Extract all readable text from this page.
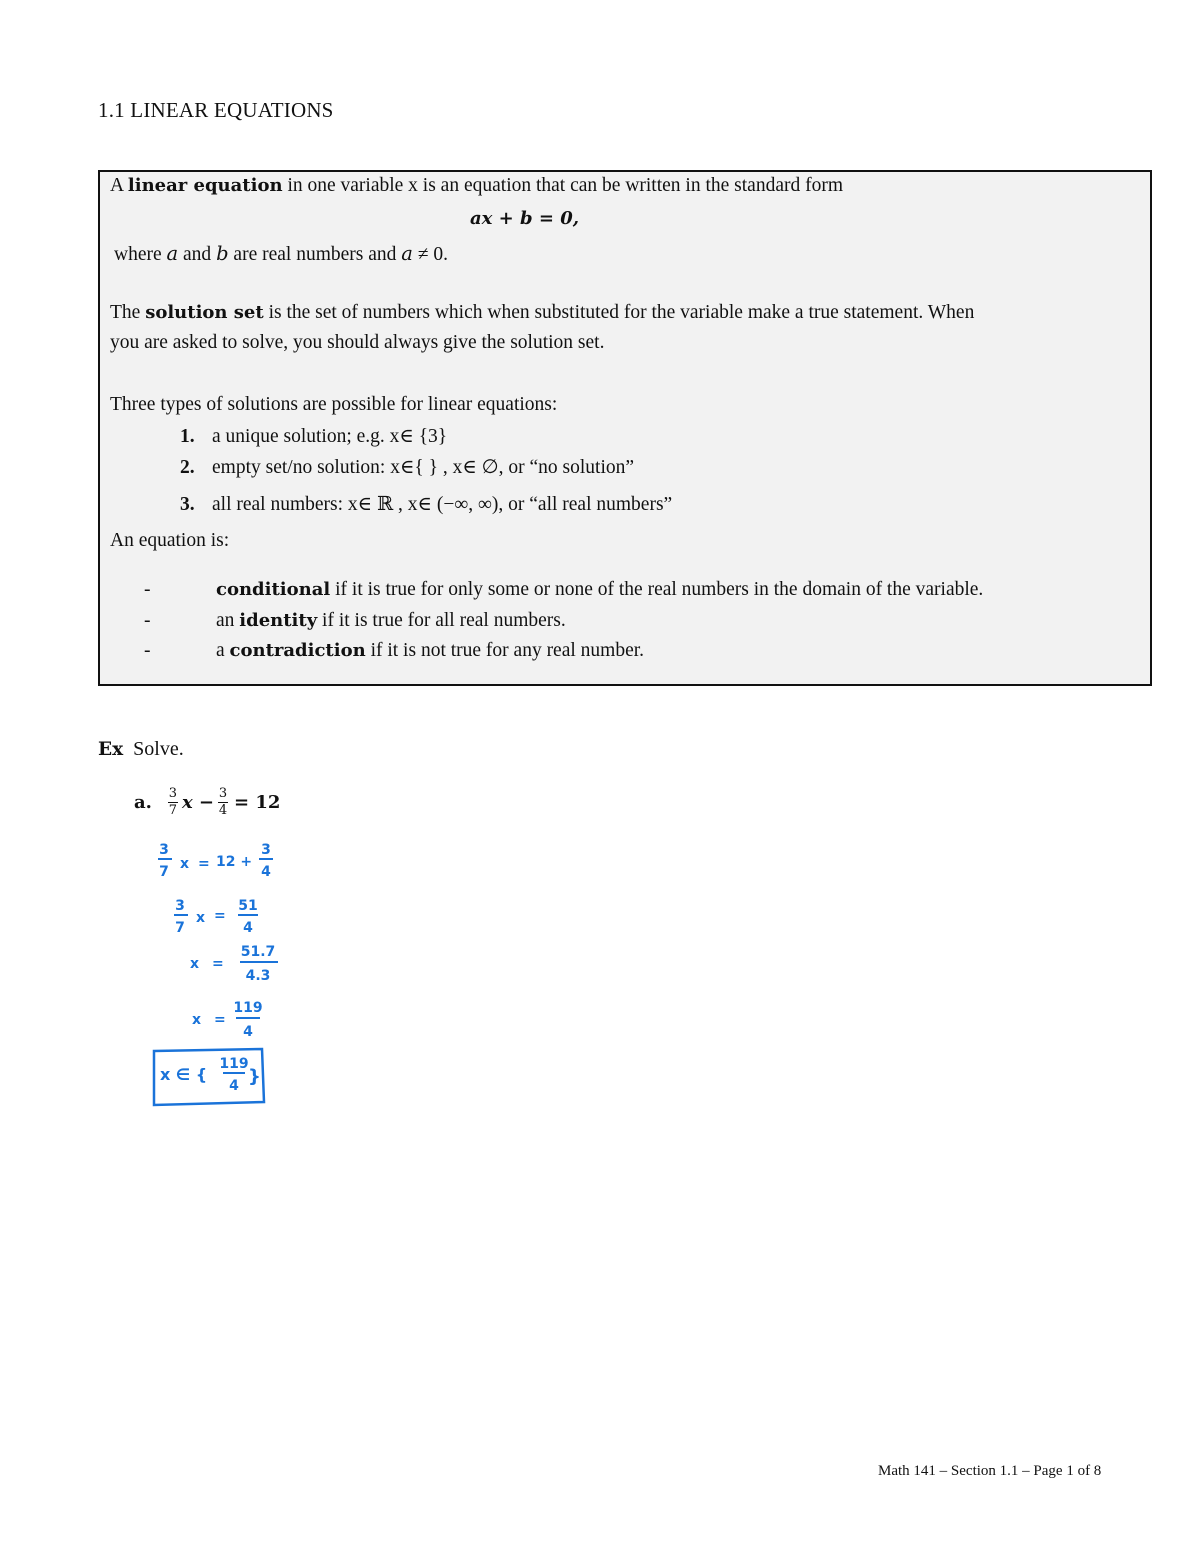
1.1 LINEAR EQUATIONS
A linear equation in one variable x is an equation that can be written in the standard form
ax + b = 0,
where a and b are real numbers and a ≠ 0.
The solution set is the set of numbers which when substituted for the variable make a true statement. When
you are asked to solve, you should always give the solution set.
Three types of solutions are possible for linear equations:
1. a unique solution; e.g. x∈ {3}
2. empty set/no solution: x∈{ } , x∈ ∅, or “no solution”
3. all real numbers: x∈ ℝ , x∈ (−∞, ∞), or “all real numbers”
An equation is:
-	conditional if it is true for only some or none of the real numbers in the domain of the variable.
-	an identity if it is true for all real numbers.
-	a contradiction if it is not true for any real number.
Ex Solve.
a. $\frac{3}{7}$ $x - \frac{3}{4} = 12$
3
7 x = 12 +
3
4
3
7
x =
51
4
x =
51.7
4.3
x =
119
4
x ∈ {
119
4 }
Math 141 – Section 1.1 – Page 1 of 8
